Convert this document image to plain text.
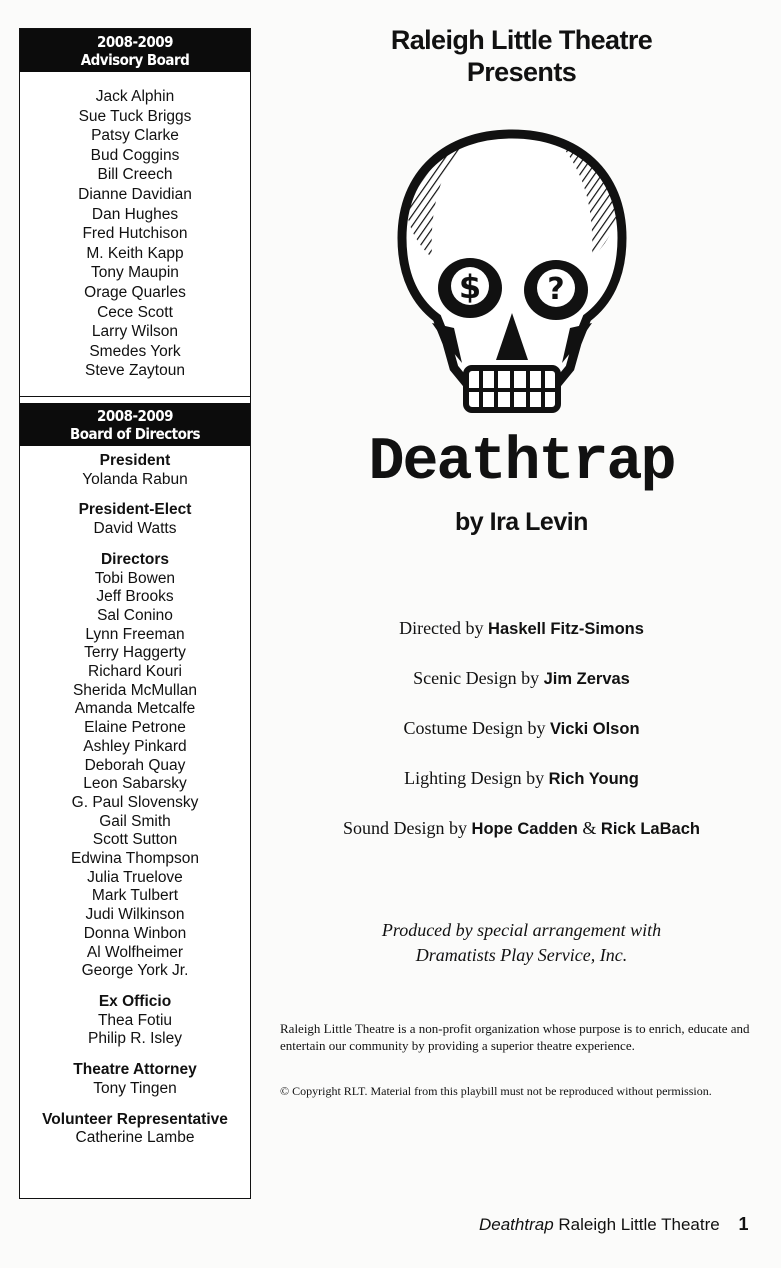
2008-2009
Advisory Board
Jack Alphin
Sue Tuck Briggs
Patsy Clarke
Bud Coggins
Bill Creech
Dianne Davidian
Dan Hughes
Fred Hutchison
M. Keith Kapp
Tony Maupin
Orage Quarles
Cece Scott
Larry Wilson
Smedes York
Steve Zaytoun
2008-2009
Board of Directors
President
Yolanda Rabun
President-Elect
David Watts
Directors
Tobi Bowen
Jeff Brooks
Sal Conino
Lynn Freeman
Terry Haggerty
Richard Kouri
Sherida McMullan
Amanda Metcalfe
Elaine Petrone
Ashley Pinkard
Deborah Quay
Leon Sabarsky
G. Paul Slovensky
Gail Smith
Scott Sutton
Edwina Thompson
Julia Truelove
Mark Tulbert
Judi Wilkinson
Donna Winbon
Al Wolfheimer
George York Jr.
Ex Officio
Thea Fotiu
Philip R. Isley
Theatre Attorney
Tony Tingen
Volunteer Representative
Catherine Lambe
Raleigh Little Theatre
Presents
$ ?
Deathtrap
by Ira Levin
Directed by Haskell Fitz-Simons
Scenic Design by Jim Zervas
Costume Design by Vicki Olson
Lighting Design by Rich Young
Sound Design by Hope Cadden & Rick LaBach
Produced by special arrangement with
Dramatists Play Service, Inc.
Raleigh Little Theatre is a non-profit organization whose purpose is to enrich, educate and entertain our community by providing a superior theatre experience.
© Copyright RLT. Material from this playbill must not be reproduced without permission.
Deathtrap Raleigh Little Theatre 1
